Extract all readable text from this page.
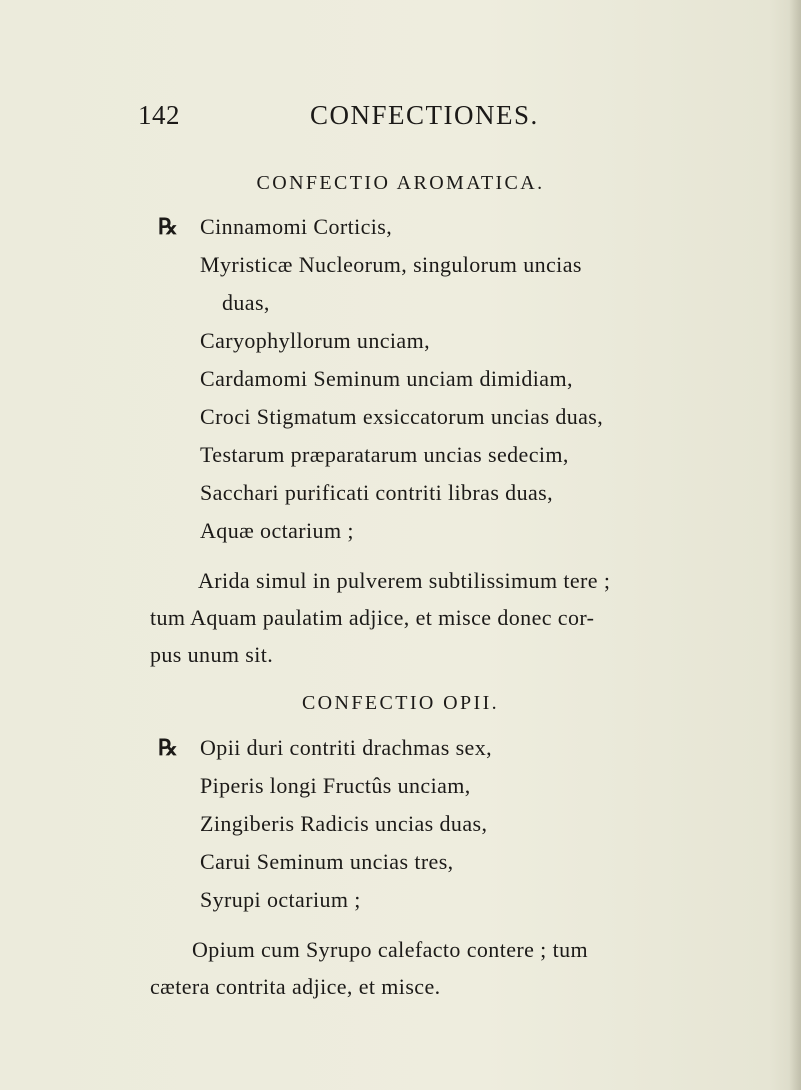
142	CONFECTIONES.
CONFECTIO AROMATICA.
℞ Cinnamomi Corticis,
Myristicæ Nucleorum, singulorum uncias
duas,
Caryophyllorum unciam,
Cardamomi Seminum unciam dimidiam,
Croci Stigmatum exsiccatorum uncias duas,
Testarum præparatarum uncias sedecim,
Sacchari purificati contriti libras duas,
Aquæ octarium ;
Arida simul in pulverem subtilissimum tere ;
tum Aquam paulatim adjice, et misce donec cor-
pus unum sit.
CONFECTIO OPII.
℞ Opii duri contriti drachmas sex,
Piperis longi Fructûs unciam,
Zingiberis Radicis uncias duas,
Carui Seminum uncias tres,
Syrupi octarium ;
Opium cum Syrupo calefacto contere ; tum
cætera contrita adjice, et misce.
